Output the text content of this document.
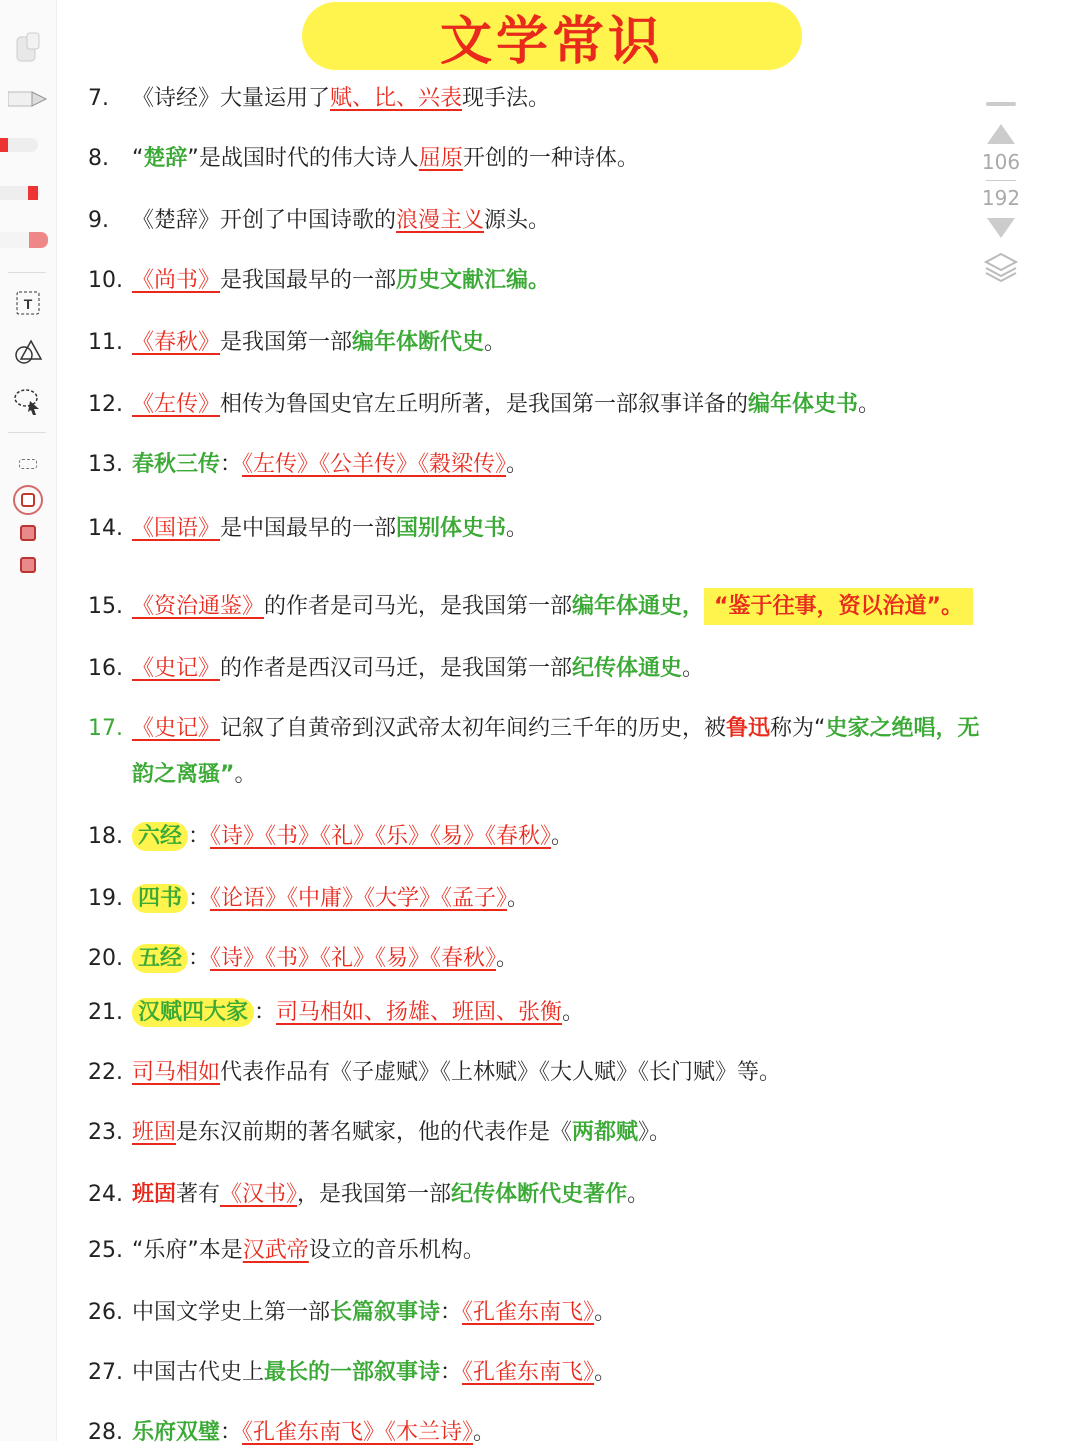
T
文学常识
106
192
7. 《诗经》大量运用了赋、比、兴表现手法。
8. “楚辞”是战国时代的伟大诗人屈原开创的一种诗体。
9. 《楚辞》开创了中国诗歌的浪漫主义源头。
10. 《尚书》是我国最早的一部历史文献汇编。
11. 《春秋》是我国第一部编年体断代史。
12. 《左传》相传为鲁国史官左丘明所著，是我国第一部叙事详备的编年体史书。
13. 春秋三传：《左传》《公羊传》《穀梁传》。
14. 《国语》是中国最早的一部国别体史书。
15. 《资治通鉴》的作者是司马光，是我国第一部编年体通史， “鉴于往事，资以治道”。
16. 《史记》的作者是西汉司马迁，是我国第一部纪传体通史。
17. 《史记》记叙了自黄帝到汉武帝太初年间约三千年的历史，被鲁迅称为“史家之绝唱，无
韵之离骚”。
18. 六经 ：《诗》《书》《礼》《乐》《易》《春秋》。
19. 四书 ：《论语》《中庸》《大学》《孟子》。
20. 五经 ：《诗》《书》《礼》《易》《春秋》。
21. 汉赋四大家 ：司马相如、扬雄、班固、张衡。
22. 司马相如代表作品有《子虚赋》《上林赋》《大人赋》《长门赋》等。
23. 班固是东汉前期的著名赋家，他的代表作是《两都赋》。
24. 班固著有《汉书》，是我国第一部纪传体断代史著作。
25. “乐府”本是汉武帝设立的音乐机构。
26. 中国文学史上第一部长篇叙事诗：《孔雀东南飞》。
27. 中国古代史上最长的一部叙事诗：《孔雀东南飞》。
28. 乐府双璧：《孔雀东南飞》《木兰诗》。
